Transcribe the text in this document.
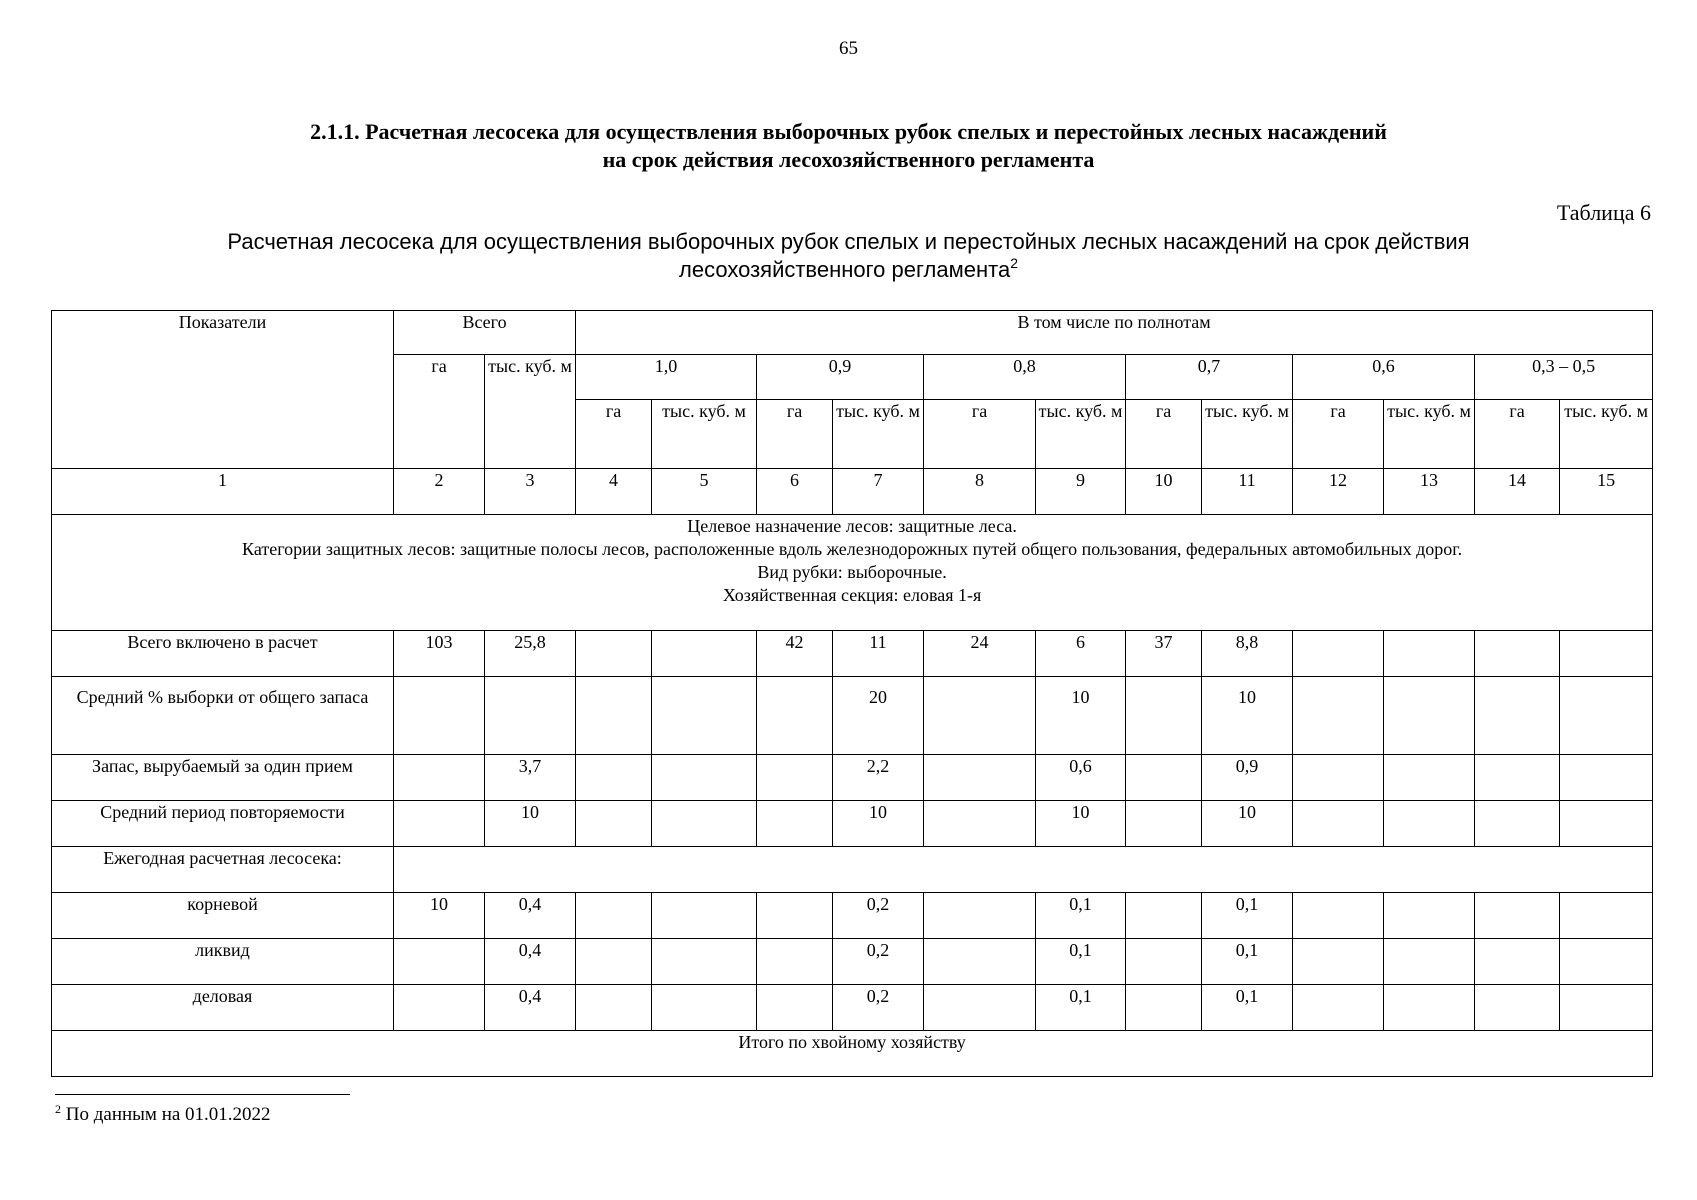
65
2.1.1. Расчетная лесосека для осуществления выборочных рубок спелых и перестойных лесных насаждений
на срок действия лесохозяйственного регламента
Таблица 6
Расчетная лесосека для осуществления выборочных рубок спелых и перестойных лесных насаждений на срок действия
лесохозяйственного регламента$^2$
Показатели	Всего		В том числе по полнотам											
	га	тыс. куб. м	1,0		0,9		0,8		0,7		0,6		0,3 – 0,5	
			га	тыс. куб. м	га	тыс. куб. м	га	тыс. куб. м	га	тыс. куб. м	га	тыс. куб. м	га	тыс. куб. м
1	2	3	4	5	6	7	8	9	10	11	12	13	14	15

Целевое назначение лесов: защитные леса.
Категории защитных лесов: защитные полосы лесов, расположенные вдоль железнодорожных путей общего пользования, федеральных автомобильных дорог.
Вид рубки: выборочные.
Хозяйственная секция: еловая 1-я														

Всего включено в расчет	103	25,8			42	11	24	6	37	8,8				
Средний % выборки от общего запаса						20		10		10				
Запас, вырубаемый за один прием		3,7				2,2		0,6		0,9				
Средний период повторяемости		10				10		10		10				
Ежегодная расчетная лесосека:														
корневой	10	0,4				0,2		0,1		0,1				
ликвид		0,4				0,2		0,1		0,1				
деловая		0,4				0,2		0,1		0,1				
Итого по хвойному хозяйству														
$^2$ По данным на 01.01.2022
